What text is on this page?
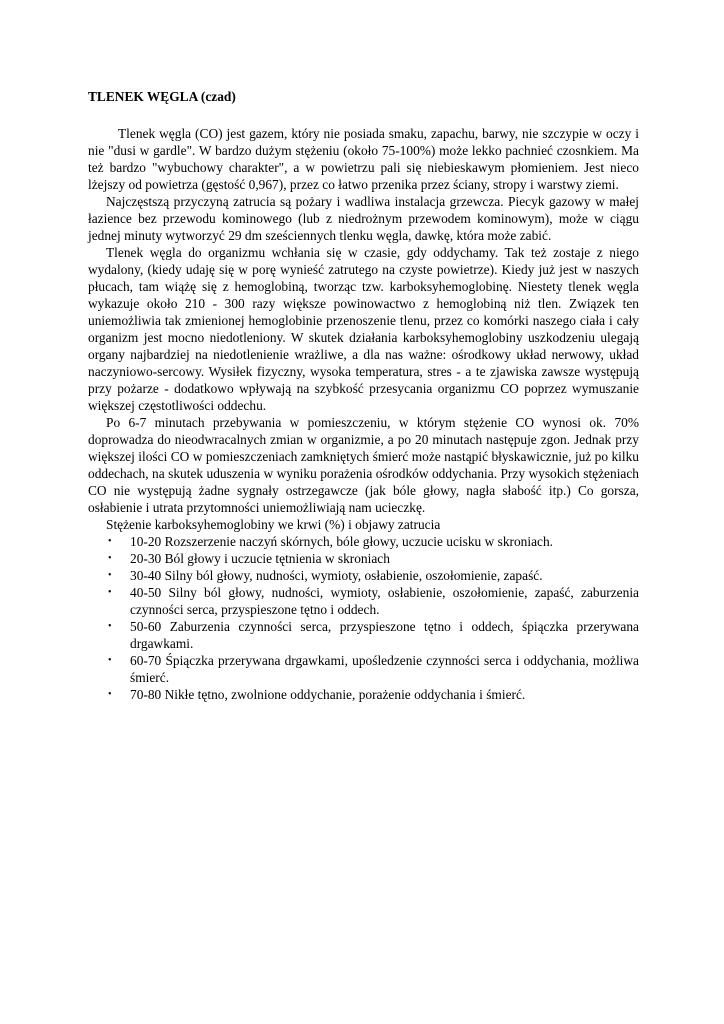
TLENEK WĘGLA (czad)

Tlenek węgla (CO) jest gazem, który nie posiada smaku, zapachu, barwy, nie szczypie w oczy i nie "dusi w gardle". W bardzo dużym stężeniu (około 75-100%) może lekko pachnieć czosnkiem. Ma też bardzo "wybuchowy charakter", a w powietrzu pali się niebieskawym płomieniem. Jest nieco lżejszy od powietrza (gęstość 0,967), przez co łatwo przenika przez ściany, stropy i warstwy ziemi.

Najczęstszą przyczyną zatrucia są pożary i wadliwa instalacja grzewcza. Piecyk gazowy w małej łazience bez przewodu kominowego (lub z niedrożnym przewodem kominowym), może w ciągu jednej minuty wytworzyć 29 dm sześciennych tlenku węgla, dawkę, która może zabić.

Tlenek węgla do organizmu wchłania się w czasie, gdy oddychamy. Tak też zostaje z niego wydalony, (kiedy udaję się w porę wynieść zatrutego na czyste powietrze). Kiedy już jest w naszych płucach, tam wiążę się z hemoglobiną, tworząc tzw. karboksyhemoglobinę. Niestety tlenek węgla wykazuje około 210 - 300 razy większe powinowactwo z hemoglobiną niż tlen. Związek ten uniemożliwia tak zmienionej hemoglobinie przenoszenie tlenu, przez co komórki naszego ciała i cały organizm jest mocno niedotleniony. W skutek działania karboksyhemoglobiny uszkodzeniu ulegają organy najbardziej na niedotlenienie wrażliwe, a dla nas ważne: ośrodkowy układ nerwowy, układ naczyniowo-sercowy. Wysiłek fizyczny, wysoka temperatura, stres - a te zjawiska zawsze występują przy pożarze - dodatkowo wpływają na szybkość przesycania organizmu CO poprzez wymuszanie większej częstotliwości oddechu.

Po 6-7 minutach przebywania w pomieszczeniu, w którym stężenie CO wynosi ok. 70% doprowadza do nieodwracalnych zmian w organizmie, a po 20 minutach następuje zgon. Jednak przy większej ilości CO w pomieszczeniach zamkniętych śmierć może nastąpić błyskawicznie, już po kilku oddechach, na skutek uduszenia w wyniku porażenia ośrodków oddychania. Przy wysokich stężeniach CO nie występują żadne sygnały ostrzegawcze (jak bóle głowy, nagła słabość itp.) Co gorsza, osłabienie i utrata przytomności uniemożliwiają nam ucieczkę.

Stężenie karboksyhemoglobiny we krwi (%) i objawy zatrucia

• 10-20 Rozszerzenie naczyń skórnych, bóle głowy, uczucie ucisku w skroniach.
• 20-30 Ból głowy i uczucie tętnienia w skroniach
• 30-40 Silny ból głowy, nudności, wymioty, osłabienie, oszołomienie, zapaść.
• 40-50 Silny ból głowy, nudności, wymioty, osłabienie, oszołomienie, zapaść, zaburzenia czynności serca, przyspieszone tętno i oddech.
• 50-60 Zaburzenia czynności serca, przyspieszone tętno i oddech, śpiączka przerywana drgawkami.
• 60-70 Śpiączka przerywana drgawkami, upośledzenie czynności serca i oddychania, możliwa śmierć.
• 70-80 Nikłe tętno, zwolnione oddychanie, porażenie oddychania i śmierć.
